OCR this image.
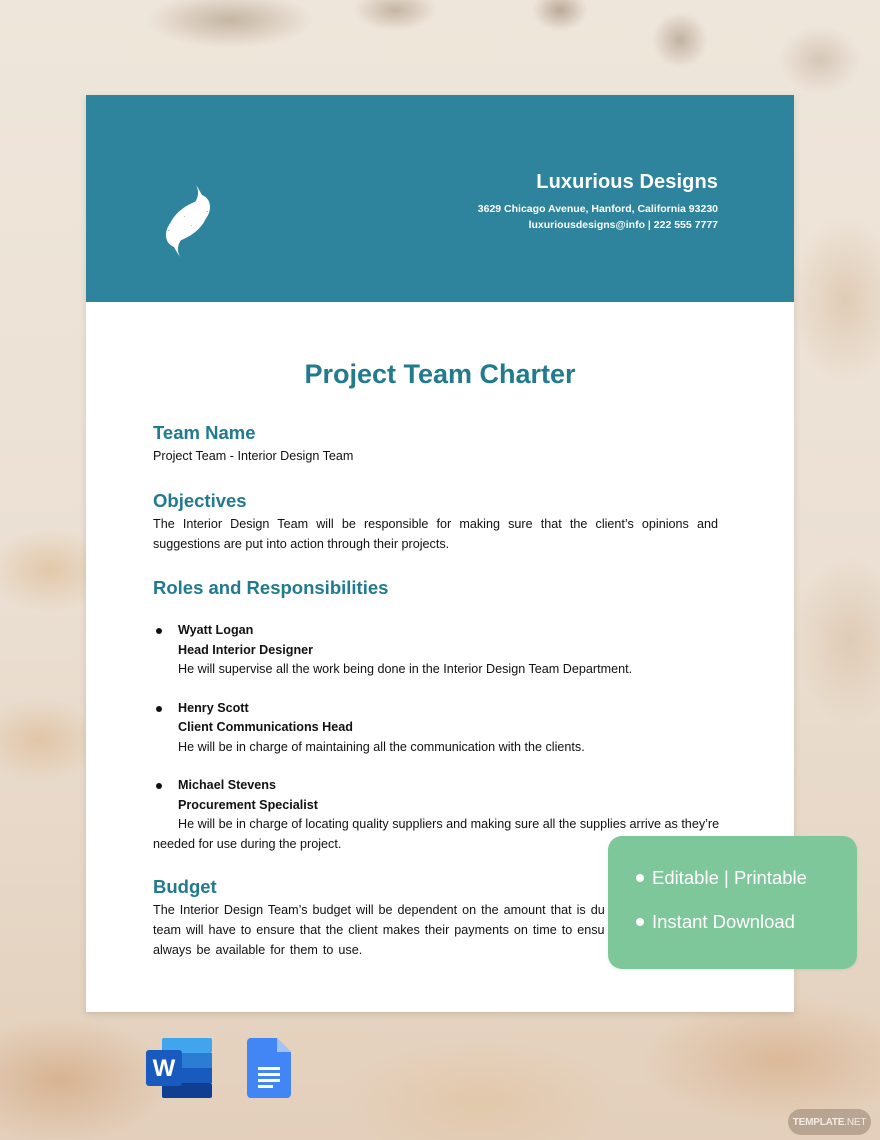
Luxurious Designs
3629 Chicago Avenue, Hanford, California 93230
luxuriousdesigns@info | 222 555 7777
Project Team Charter
Team Name
Project Team - Interior Design Team
Objectives
The Interior Design Team will be responsible for making sure that the client’s opinions and suggestions are put into action through their projects.
Roles and Responsibilities
Wyatt Logan
Head Interior Designer
He will supervise all the work being done in the Interior Design Team Department.
Henry Scott
Client Communications Head
He will be in charge of maintaining all the communication with the clients.
Michael Stevens
Procurement Specialist
He will be in charge of locating quality suppliers and making sure all the supplies arrive as they’re
needed for use during the project.
Budget
The Interior Design Team’s budget will be dependent on the amount that is du team will have to ensure that the client makes their payments on time to ensu always be available for them to use.
Editable | Printable
Instant Download
W
TEMPLATE .NET
